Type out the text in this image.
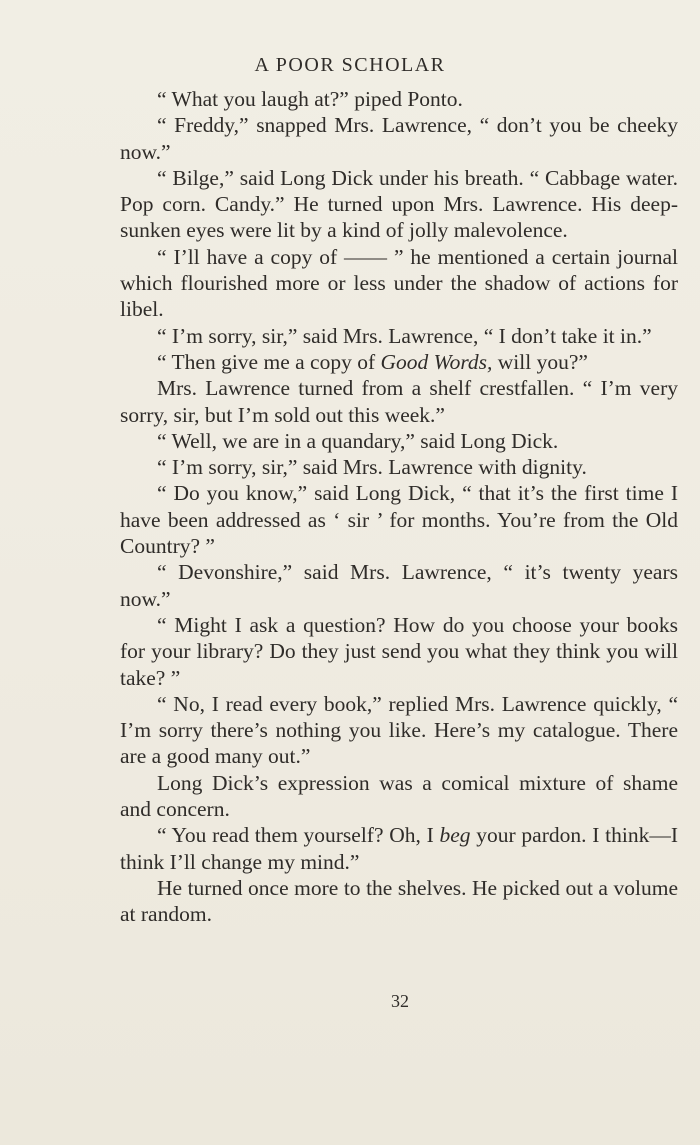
A POOR SCHOLAR

“ What you laugh at?” piped Ponto.

“ Freddy,” snapped Mrs. Lawrence, “ don’t you be cheeky now.”

“ Bilge,” said Long Dick under his breath. “ Cabbage water. Pop corn. Candy.” He turned upon Mrs. Lawrence. His deep-sunken eyes were lit by a kind of jolly malevolence.

“ I’ll have a copy of —— ” he mentioned a certain journal which flourished more or less under the shadow of actions for libel.

“ I’m sorry, sir,” said Mrs. Lawrence, “ I don’t take it in.”

“ Then give me a copy of Good Words, will you?”

Mrs. Lawrence turned from a shelf crestfallen. “ I’m very sorry, sir, but I’m sold out this week.”

“ Well, we are in a quandary,” said Long Dick.

“ I’m sorry, sir,” said Mrs. Lawrence with dignity.

“ Do you know,” said Long Dick, “ that it’s the first time I have been addressed as ‘ sir ’ for months. You’re from the Old Country? ”

“ Devonshire,” said Mrs. Lawrence, “ it’s twenty years now.”

“ Might I ask a question? How do you choose your books for your library? Do they just send you what they think you will take? ”

“ No, I read every book,” replied Mrs. Lawrence quickly, “ I’m sorry there’s nothing you like. Here’s my catalogue. There are a good many out.”

Long Dick’s expression was a comical mixture of shame and concern.

“ You read them yourself? Oh, I beg your pardon. I think—I think I’ll change my mind.”

He turned once more to the shelves. He picked out a volume at random.

32
